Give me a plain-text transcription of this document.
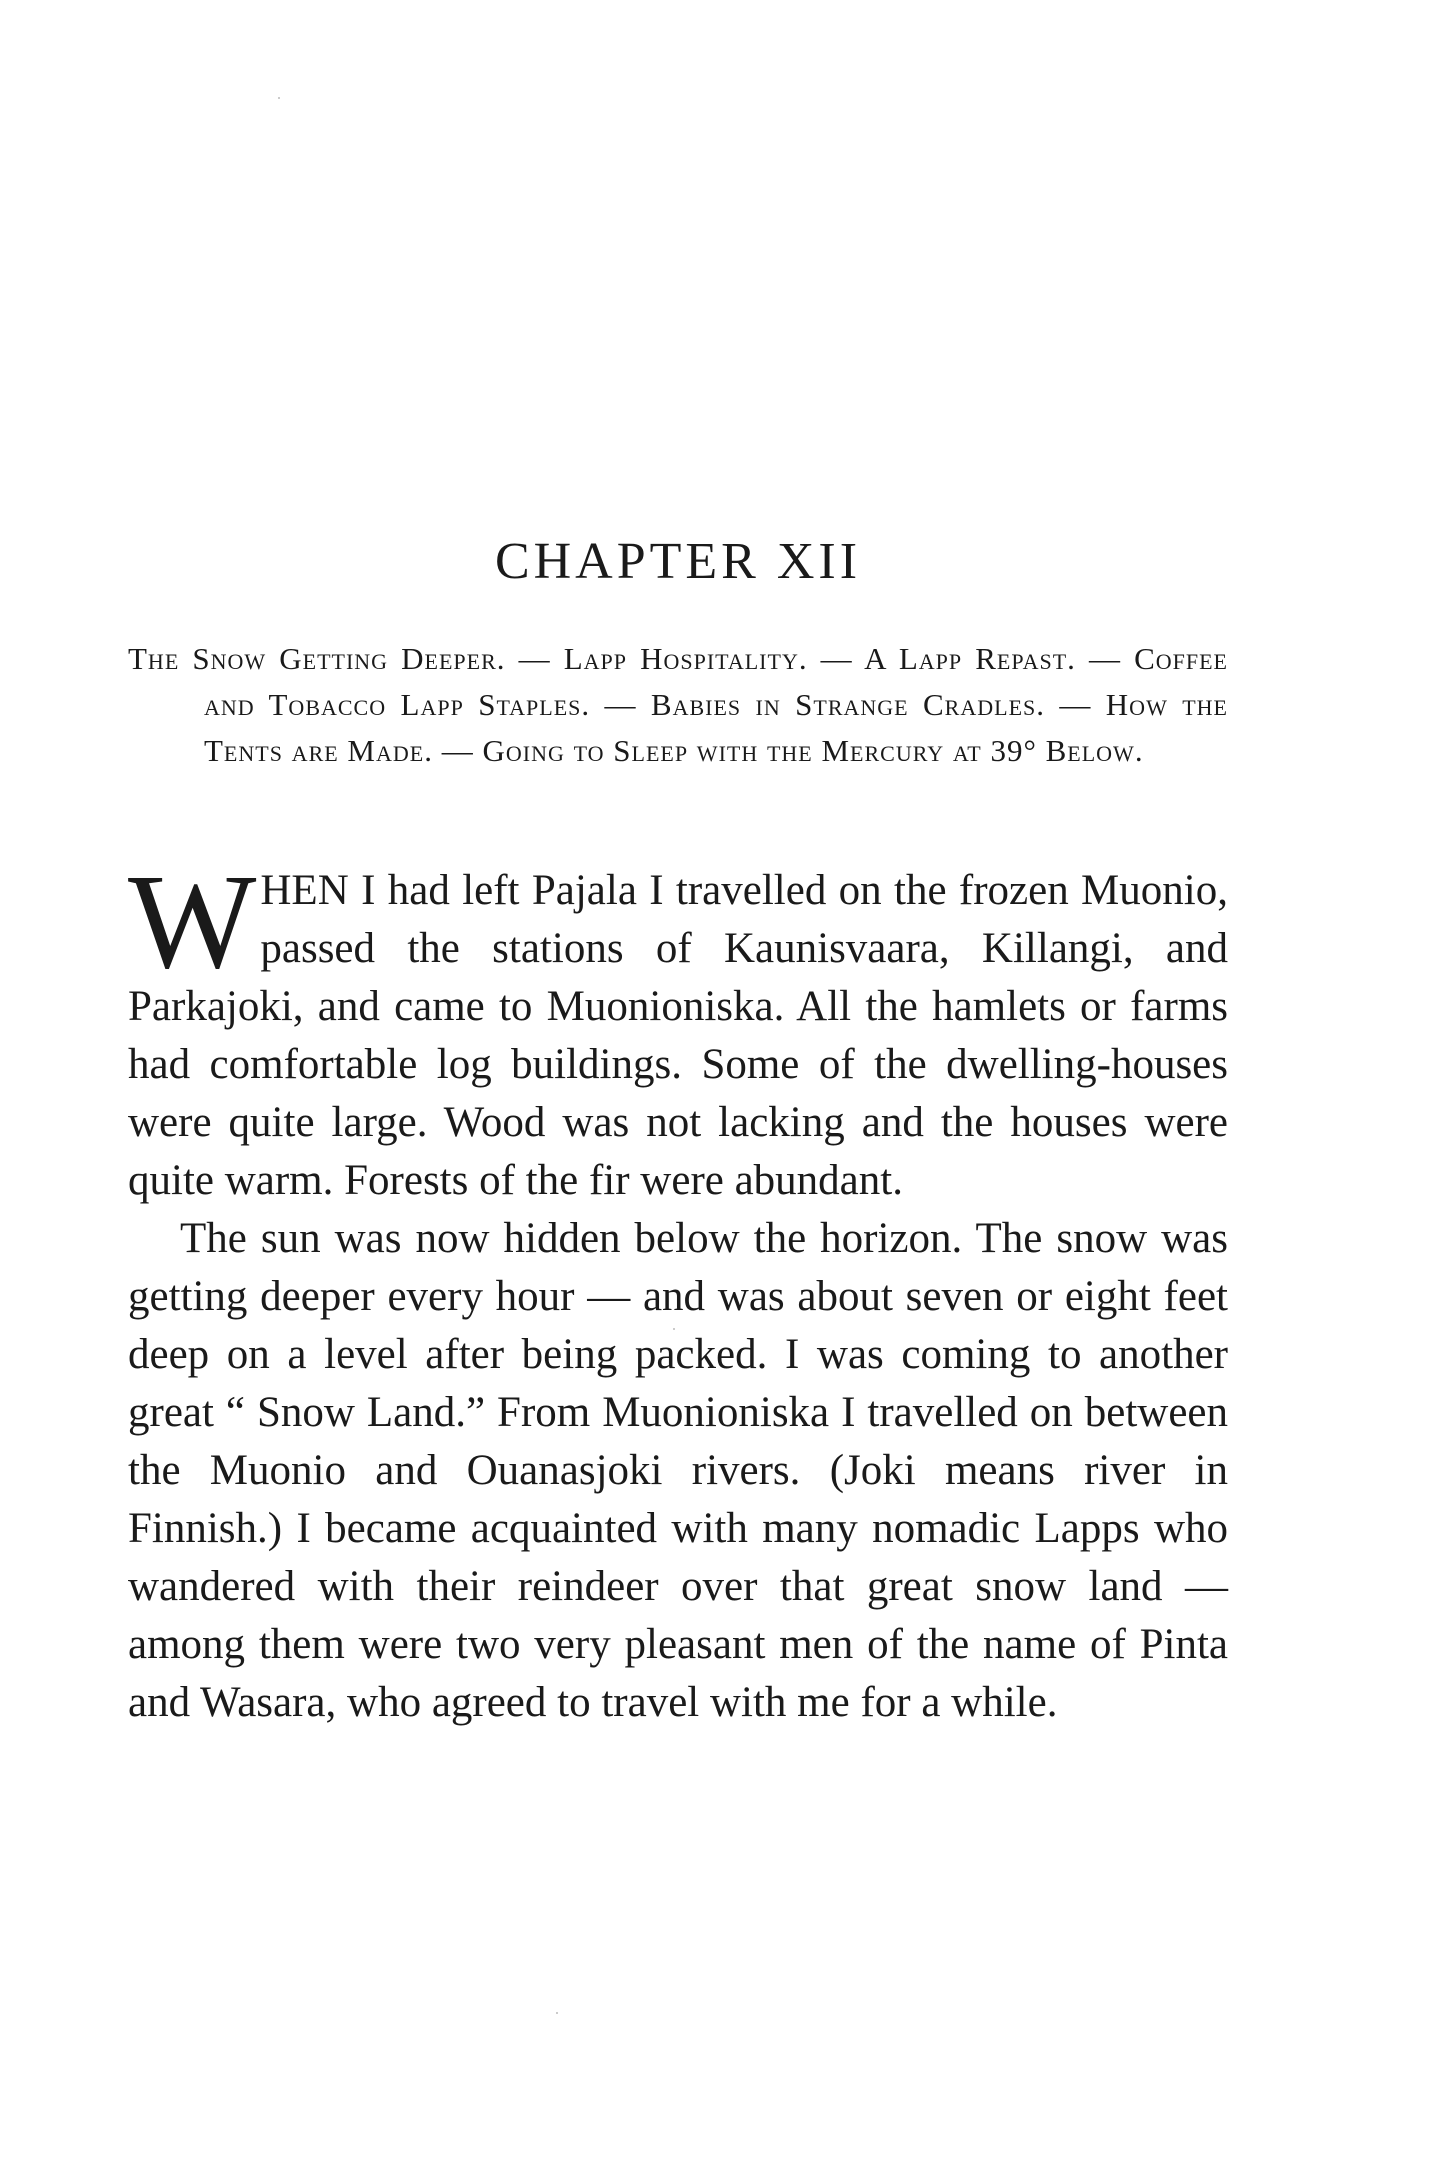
CHAPTER XII
The Snow Getting Deeper. — Lapp Hospitality. — A Lapp Repast. — Coffee and Tobacco Lapp Staples. — Babies in Strange Cradles. — How the Tents are Made. — Going to Sleep with the Mercury at 39° Below.

WHEN I had left Pajala I travelled on the frozen Muonio, passed the stations of Kaunisvaara, Killangi, and Parkajoki, and came to Muonioniska. All the hamlets or farms had comfortable log buildings. Some of the dwelling-houses were quite large. Wood was not lacking and the houses were quite warm. Forests of the fir were abundant.

The sun was now hidden below the horizon. The snow was getting deeper every hour — and was about seven or eight feet deep on a level after being packed. I was coming to another great “ Snow Land.” From Muonioniska I travelled on between the Muonio and Ouanasjoki rivers. (Joki means river in Finnish.) I became acquainted with many nomadic Lapps who wandered with their reindeer over that great snow land — among them were two very pleasant men of the name of Pinta and Wasara, who agreed to travel with me for a while.
